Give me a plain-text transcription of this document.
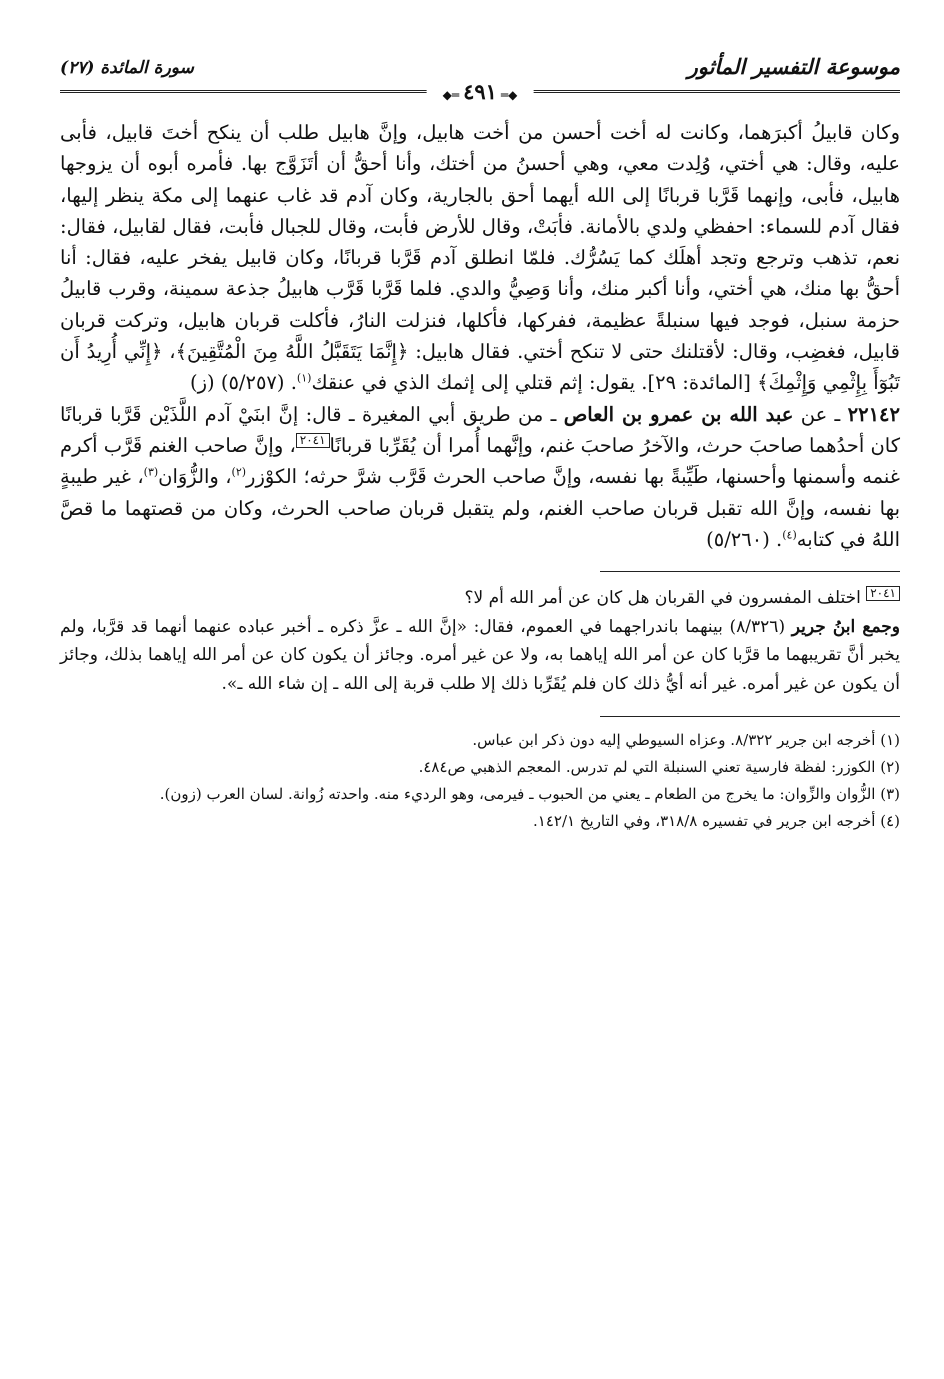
موسوعة التفسير المأثور
سورة المائدة (٢٧)
◆═٤٩١═◆

وكان قابيلُ أكبرَهما، وكانت له أخت أحسن من أخت هابيل، وإنَّ هابيل طلب أن ينكح أختَ قابيل، فأبى عليه، وقال: هي أختي، وُلِدت معي، وهي أحسنُ من أختك، وأنا أحقُّ أن أتَزَوَّج بها. فأمره أبوه أن يزوجها هابيل، فأبى، وإنهما قَرَّبا قربانًا إلى الله أيهما أحق بالجارية، وكان آدم قد غاب عنهما إلى مكة ينظر إليها، فقال آدم للسماء: احفظي ولدي بالأمانة. فأبَتْ، وقال للأرض فأبت، وقال للجبال فأبت، فقال لقابيل، فقال: نعم، تذهب وترجع وتجد أهلَك كما يَسُرُّك. فلمّا انطلق آدم قَرَّبا قربانًا، وكان قابيل يفخر عليه، فقال: أنا أحقُّ بها منك، هي أختي، وأنا أكبر منك، وأنا وَصِيُّ والدي. فلما قَرَّبا قَرَّب هابيلُ جذعة سمينة، وقرب قابيلُ حزمة سنبل، فوجد فيها سنبلةً عظيمة، ففركها، فأكلها، فنزلت النارُ، فأكلت قربان هابيل، وتركت قربان قابيل، فغضِب، وقال: لأقتلنك حتى لا تنكح أختي. فقال هابيل: ﴿إِنَّمَا يَتَقَبَّلُ اللَّهُ مِنَ الْمُتَّقِينَ﴾، ﴿إِنِّي أُرِيدُ أَن تَبُوٓأَ بِإِثْمِي وَإِثْمِكَ﴾ [المائدة: ٢٩]. يقول: إثم قتلي إلى إثمك الذي في عنقك$^{(١)}$. (٥/٢٥٧) (ز)

٢٢١٤٢ ـ عن عبد الله بن عمرو بن العاص ـ من طريق أبي المغيرة ـ قال: إنَّ ابنَيْ آدم اللَّذَيْن قَرَّبا قربانًا كان أحدُهما صاحبَ حرث، والآخرُ صاحبَ غنم، وإنَّهما أُمرا أن يُقَرِّبا قربانًا٢٠٤١، وإنَّ صاحب الغنم قَرَّب أكرم غنمه وأسمنها وأحسنها، طَيِّبةً بها نفسه، وإنَّ صاحب الحرث قَرَّب شرَّ حرثه؛ الكوْزر$^{(٢)}$، والزُّوَان$^{(٣)}$، غير طيبةٍ بها نفسه، وإنَّ الله تقبل قربان صاحب الغنم، ولم يتقبل قربان صاحب الحرث، وكان من قصتهما ما قصَّ اللهُ في كتابه$^{(٤)}$. (٥/٢٦٠)

٢٠٤١ اختلف المفسرون في القربان هل كان عن أمر الله أم لا؟

وجمع ابنُ جرير (٨/٣٢٦) بينهما باندراجهما في العموم، فقال: «إنَّ الله ـ عزَّ ذكره ـ أخبر عباده عنهما أنهما قد قرَّبا، ولم يخبر أنَّ تقريبهما ما قرَّبا كان عن أمر الله إياهما به، ولا عن غير أمره. وجائز أن يكون كان عن أمر الله إياهما بذلك، وجائز أن يكون عن غير أمره. غير أنه أيُّ ذلك كان فلم يُقَرِّبا ذلك إلا طلب قربة إلى الله ـ إن شاء الله ـ».

(١) أخرجه ابن جرير ٨/٣٢٢. وعزاه السيوطي إليه دون ذكر ابن عباس.

(٢) الكوزر: لفظة فارسية تعني السنبلة التي لم تدرس. المعجم الذهبي ص٤٨٤.

(٣) الزُّوان والزِّوان: ما يخرج من الطعام ـ يعني من الحبوب ـ فيرمى، وهو الرديء منه. واحدته زُوانة. لسان العرب (زون).

(٤) أخرجه ابن جرير في تفسيره ٣١٨/٨، وفي التاريخ ١٤٢/١.
